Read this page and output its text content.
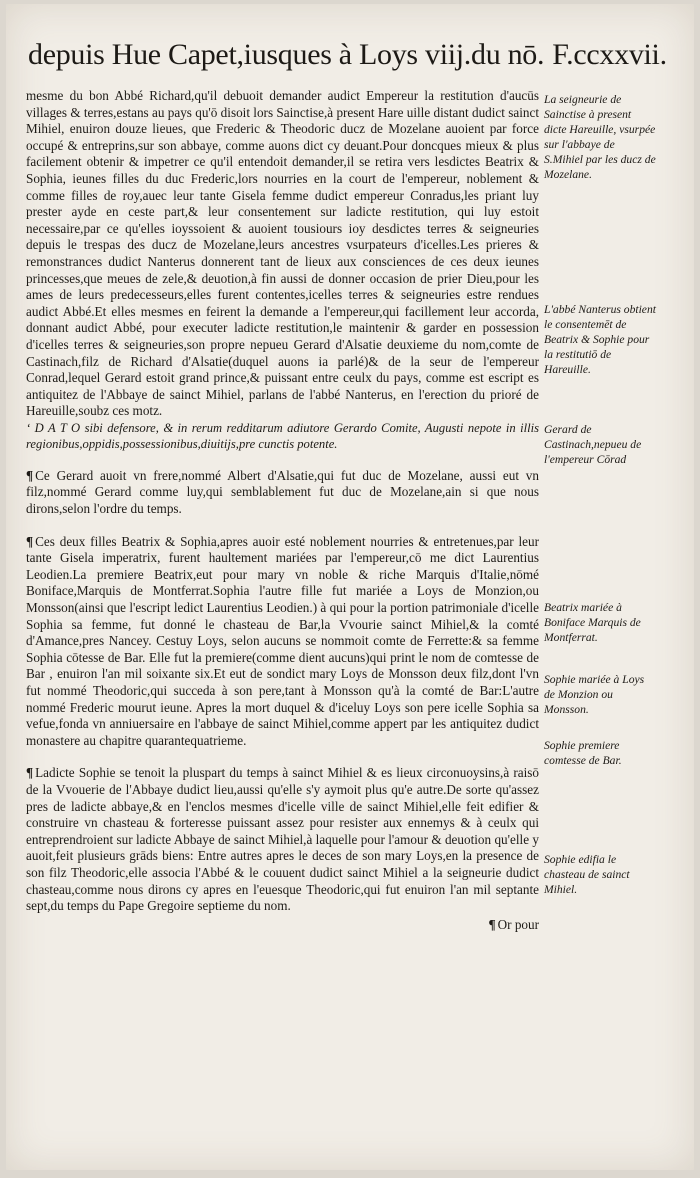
depuis Hue Capet,iusques à Loys viij.du nō. F.ccxxvii.

mesme du bon Abbé Richard,qu'il debuoit demander audict Empereur la restitution d'aucūs villages & terres,estans au pays qu'ō disoit lors Sainctise,à present Hare uille distant dudict sainct Mihiel, enuiron douze lieues, que Frederic & Theodoric ducz de Mozelane auoient par force occupé & entreprins,sur son abbaye, comme auons dict cy deuant.Pour doncques mieux & plus facilement obtenir & impetrer ce qu'il entendoit demander,il se retira vers lesdictes Beatrix & Sophia, ieunes filles du duc Frederic,lors nourries en la court de l'empereur, noblement & comme filles de roy,auec leur tante Gisela femme dudict empereur Conradus,les priant luy prester ayde en ceste part,& leur consentement sur ladicte restitution, qui luy estoit necessaire,par ce qu'elles ioyssoient & auoient tousiours ioy desdictes terres & seigneuries depuis le trespas des ducz de Mozelane,leurs ancestres vsurpateurs d'icelles.Les prieres & remonstrances dudict Nanterus donnerent tant de lieux aux consciences de ces deux ieunes princesses,que meues de zele,& deuotion,à fin aussi de donner occasion de prier Dieu,pour les ames de leurs predecesseurs,elles furent contentes,icelles terres & seigneuries estre rendues audict Abbé.Et elles mesmes en feirent la demande a l'empereur,qui facillement leur accorda, donnant audict Abbé, pour executer ladicte restitution,le maintenir & garder en possession d'icelles terres & seigneuries,son propre nepueu Gerard d'Alsatie deuxieme du nom,comte de Castinach,filz de Richard d'Alsatie(duquel auons ia parlé)& de la seur de l'empereur Conrad,lequel Gerard estoit grand prince,& puissant entre ceulx du pays, comme est escript es antiquitez de l'Abbaye de sainct Mihiel, parlans de l'abbé Nanterus, en l'erection du prioré de Hareuille,soubz ces motz.

‘ D A T O sibi defensore, & in rerum redditarum adiutore Gerardo Comite, Augusti nepote in illis regionibus,oppidis,possessionibus,diuitijs,pre cunctis potente.

¶ Ce Gerard auoit vn frere,nommé Albert d'Alsatie,qui fut duc de Mozelane, aussi eut vn filz,nommé Gerard comme luy,qui semblablement fut duc de Mozelane,ain si que nous dirons,selon l'ordre du temps.

¶ Ces deux filles Beatrix & Sophia,apres auoir esté noblement nourries & entretenues,par leur tante Gisela imperatrix, furent haultement mariées par l'empereur,cō me dict Laurentius Leodien.La premiere Beatrix,eut pour mary vn noble & riche Marquis d'Italie,nōmé Boniface,Marquis de Montferrat.Sophia l'autre fille fut mariée a Loys de Monzion,ou Monsson(ainsi que l'escript ledict Laurentius Leodien.) à qui pour la portion patrimoniale d'icelle Sophia sa femme, fut donné le chasteau de Bar,la Vvourie sainct Mihiel,& la comté d'Amance,pres Nancey. Cestuy Loys, selon aucuns se nommoit comte de Ferrette:& sa femme Sophia cōtesse de Bar. Elle fut la premiere(comme dient aucuns)qui print le nom de comtesse de Bar , enuiron l'an mil soixante six.Et eut de sondict mary Loys de Monsson deux filz,dont l'vn fut nommé Theodoric,qui succeda à son pere,tant à Monsson qu'à la comté de Bar:L'autre nommé Frederic mourut ieune. Apres la mort duquel & d'iceluy Loys son pere icelle Sophia sa vefue,fonda vn anniuersaire en l'abbaye de sainct Mihiel,comme appert par les antiquitez dudict monastere au chapitre quarantequatrieme.

¶ Ladicte Sophie se tenoit la pluspart du temps à sainct Mihiel & es lieux circonuoysins,à raisō de la Vvouerie de l'Abbaye dudict lieu,aussi qu'elle s'y aymoit plus qu'e autre.De sorte qu'assez pres de ladicte abbaye,& en l'enclos mesmes d'icelle ville de sainct Mihiel,elle feit edifier & construire vn chasteau & forteresse puissant assez pour resister aux ennemys & à ceulx qui entreprendroient sur ladicte Abbaye de sainct Mihiel,à laquelle pour l'amour & deuotion qu'elle y auoit,feit plusieurs grāds biens: Entre autres apres le deces de son mary Loys,en la presence de son filz Theodoric,elle associa l'Abbé & le couuent dudict sainct Mihiel a la seigneurie dudict chasteau,comme nous dirons cy apres en l'euesque Theodoric,qui fut enuiron l'an mil septante sept,du temps du Pape Gregoire septieme du nom.

¶ Or pour

La seigneurie de Sainctise à present dicte Hareuille, vsurpée sur l'abbaye de S.Mihiel par les ducz de Mozelane.
L'abbé Nanterus obtient le consentemēt de Beatrix & Sophie pour la restitutiō de Hareuille.
Gerard de Castinach,nepueu de l'empereur Cōrad
Beatrix mariée à Boniface Marquis de Montferrat.
Sophie mariée à Loys de Monzion ou Monsson.
Sophie premiere comtesse de Bar.
Sophie edifia le chasteau de sainct Mihiel.
